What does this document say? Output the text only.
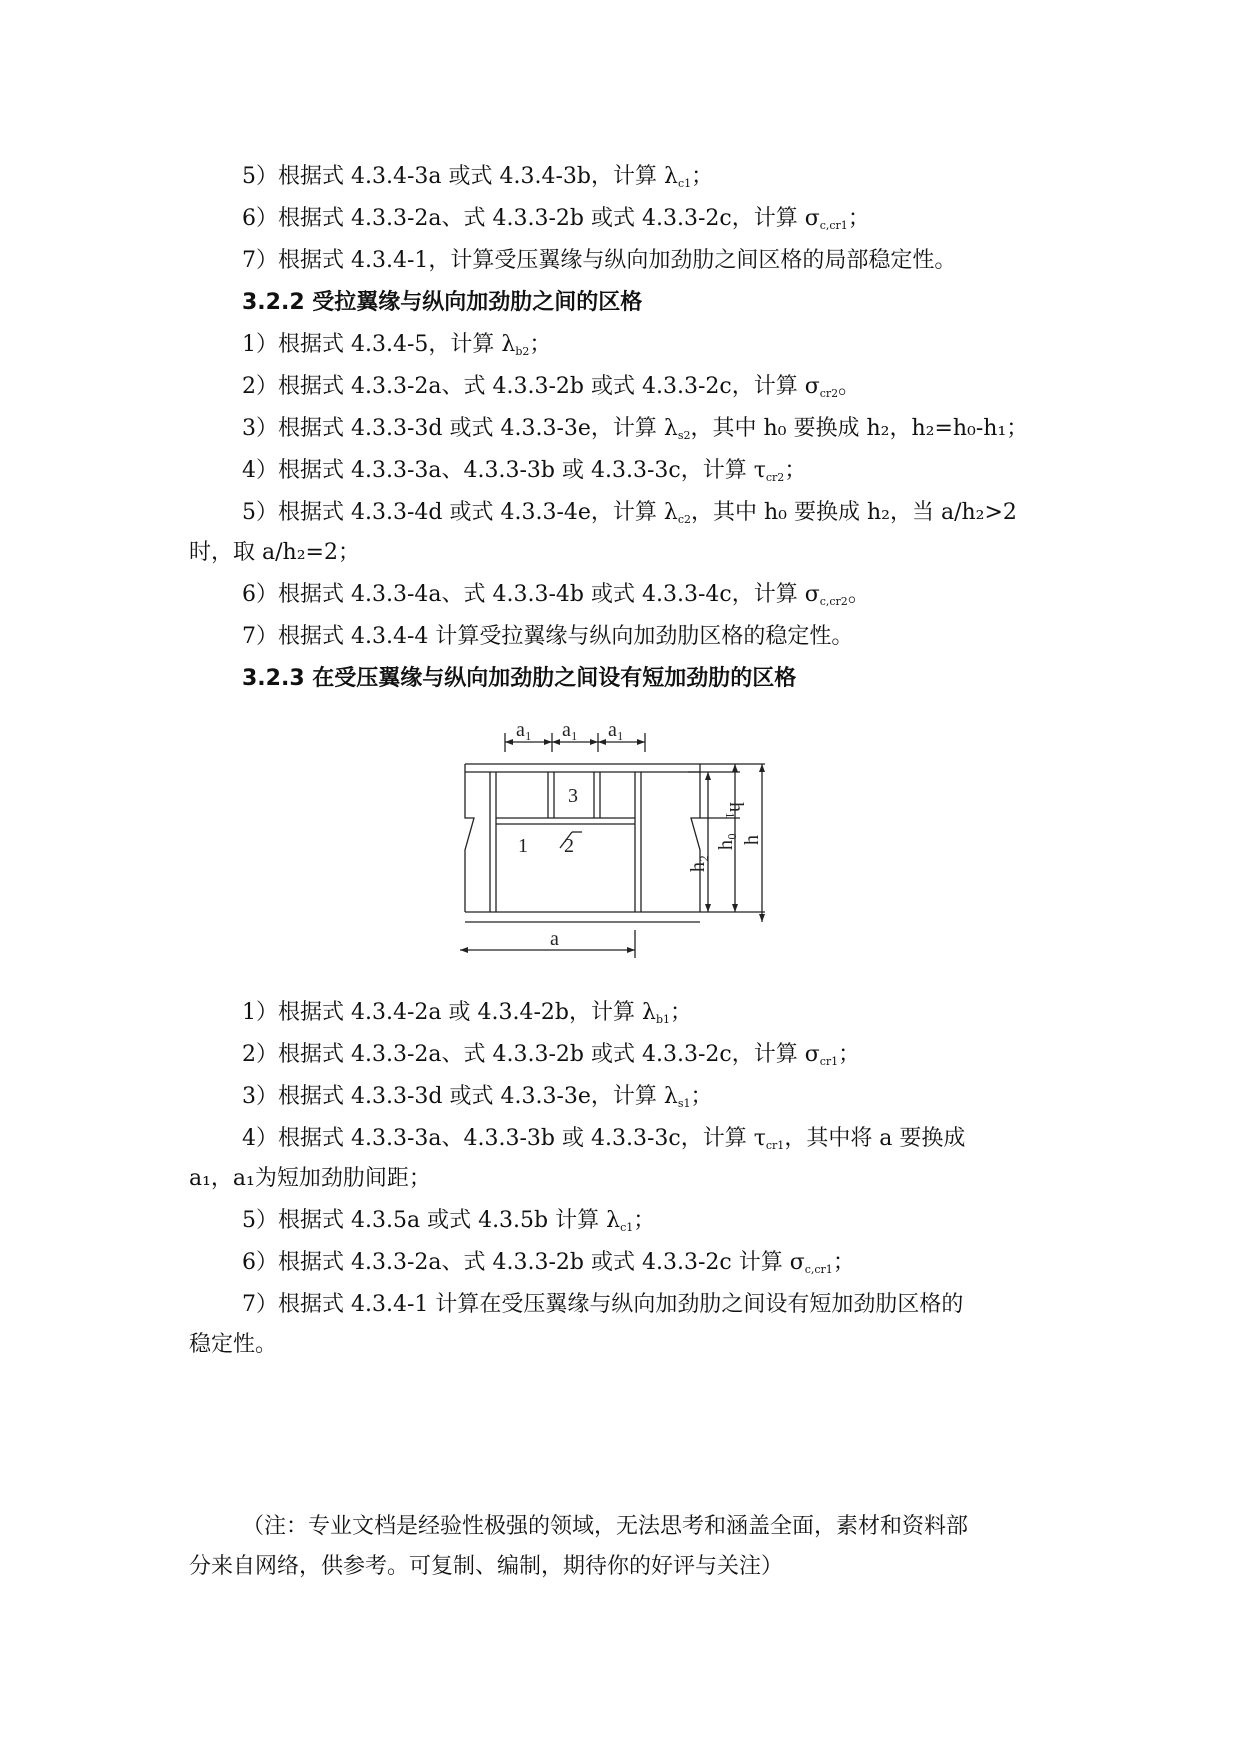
5）根据式 4.3.4-3a 或式 4.3.4-3b，计算 $\lambda_{c1}$；
6）根据式 4.3.3-2a、式 4.3.3-2b 或式 4.3.3-2c，计算 $\sigma_{c,cr1}$；
7）根据式 4.3.4-1，计算受压翼缘与纵向加劲肋之间区格的局部稳定性。
3.2.2 受拉翼缘与纵向加劲肋之间的区格
1）根据式 4.3.4-5，计算 $\lambda_{b2}$；
2）根据式 4.3.3-2a、式 4.3.3-2b 或式 4.3.3-2c，计算 $\sigma_{cr2}$。
3）根据式 4.3.3-3d 或式 4.3.3-3e，计算 $\lambda_{s2}$，其中 h₀ 要换成 h₂，h₂=h₀-h₁；
4）根据式 4.3.3-3a、4.3.3-3b 或 4.3.3-3c，计算 $\tau_{cr2}$；
5）根据式 4.3.3-4d 或式 4.3.3-4e，计算 $\lambda_{c2}$，其中 h₀ 要换成 h₂，当 a/h₂>2
时，取 a/h₂=2；
6）根据式 4.3.3-4a、式 4.3.3-4b 或式 4.3.3-4c，计算 $\sigma_{c,cr2}$。
7）根据式 4.3.4-4 计算受拉翼缘与纵向加劲肋区格的稳定性。
3.2.3 在受压翼缘与纵向加劲肋之间设有短加劲肋的区格
a₁ a₁ a₁
1 2
3
a
h₁
h₂
h₀ h
1）根据式 4.3.4-2a 或 4.3.4-2b，计算 $\lambda_{b1}$；
2）根据式 4.3.3-2a、式 4.3.3-2b 或式 4.3.3-2c，计算 $\sigma_{cr1}$；
3）根据式 4.3.3-3d 或式 4.3.3-3e，计算 $\lambda_{s1}$；
4）根据式 4.3.3-3a、4.3.3-3b 或 4.3.3-3c，计算 $\tau_{cr1}$，其中将 a 要换成
a₁，a₁为短加劲肋间距；
5）根据式 4.3.5a 或式 4.3.5b 计算 $\lambda_{c1}$；
6）根据式 4.3.3-2a、式 4.3.3-2b 或式 4.3.3-2c 计算 $\sigma_{c,cr1}$；
7）根据式 4.3.4-1 计算在受压翼缘与纵向加劲肋之间设有短加劲肋区格的
稳定性。
（注：专业文档是经验性极强的领域，无法思考和涵盖全面，素材和资料部
分来自网络，供参考。可复制、编制，期待你的好评与关注）
